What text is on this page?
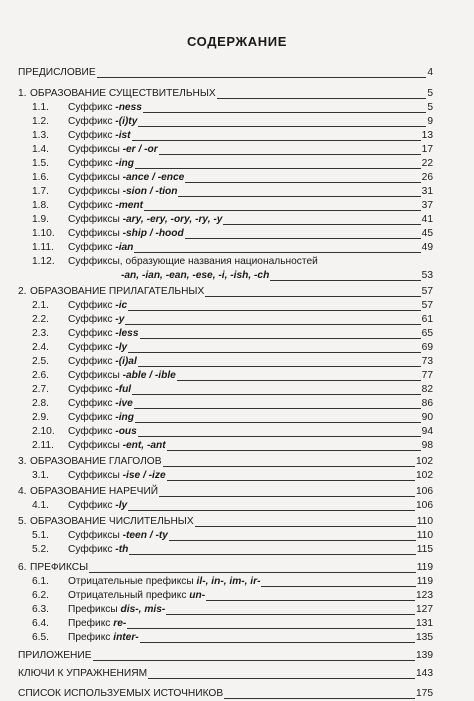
СОДЕРЖАНИЕ
ПРЕДИСЛОВИЕ	4
1. ОБРАЗОВАНИЕ СУЩЕСТВИТЕЛЬНЫХ	5
1.1. Суффикс -ness	5
1.2. Суффикс -(i)ty	9
1.3. Суффикс -ist	13
1.4. Суффиксы -er / -or	17
1.5. Суффикс -ing	22
1.6. Суффиксы -ance / -ence	26
1.7. Суффиксы -sion / -tion	31
1.8. Суффикс -ment	37
1.9. Суффиксы -ary, -ery, -ory, -ry, -y	41
1.10. Суффиксы -ship / -hood	45
1.11. Суффикс -ian	49
1.12. Суффиксы, образующие названия национальностей
-an, -ian, -ean, -ese, -i, -ish, -ch	53
2. ОБРАЗОВАНИЕ ПРИЛАГАТЕЛЬНЫХ	57
2.1. Суффикс -ic	57
2.2. Суффикс -y	61
2.3. Суффикс -less	65
2.4. Суффикс -ly	69
2.5. Суффикс -(i)al	73
2.6. Суффиксы -able / -ible	77
2.7. Суффикс -ful	82
2.8. Суффикс -ive	86
2.9. Суффикс -ing	90
2.10. Суффикс -ous	94
2.11. Суффиксы -ent, -ant	98
3. ОБРАЗОВАНИЕ ГЛАГОЛОВ	102
3.1. Суффиксы -ise / -ize	102
4. ОБРАЗОВАНИЕ НАРЕЧИЙ	106
4.1. Суффикс -ly	106
5. ОБРАЗОВАНИЕ ЧИСЛИТЕЛЬНЫХ	110
5.1. Суффиксы -teen / -ty	110
5.2. Суффикс -th	115
6. ПРЕФИКСЫ	119
6.1. Отрицательные префиксы il-, in-, im-, ir-	119
6.2. Отрицательный префикс un-	123
6.3. Префиксы dis-, mis-	127
6.4. Префикс re-	131
6.5. Префикс inter-	135
ПРИЛОЖЕНИЕ	139
КЛЮЧИ К УПРАЖНЕНИЯМ	143
СПИСОК ИСПОЛЬЗУЕМЫХ ИСТОЧНИКОВ	175
